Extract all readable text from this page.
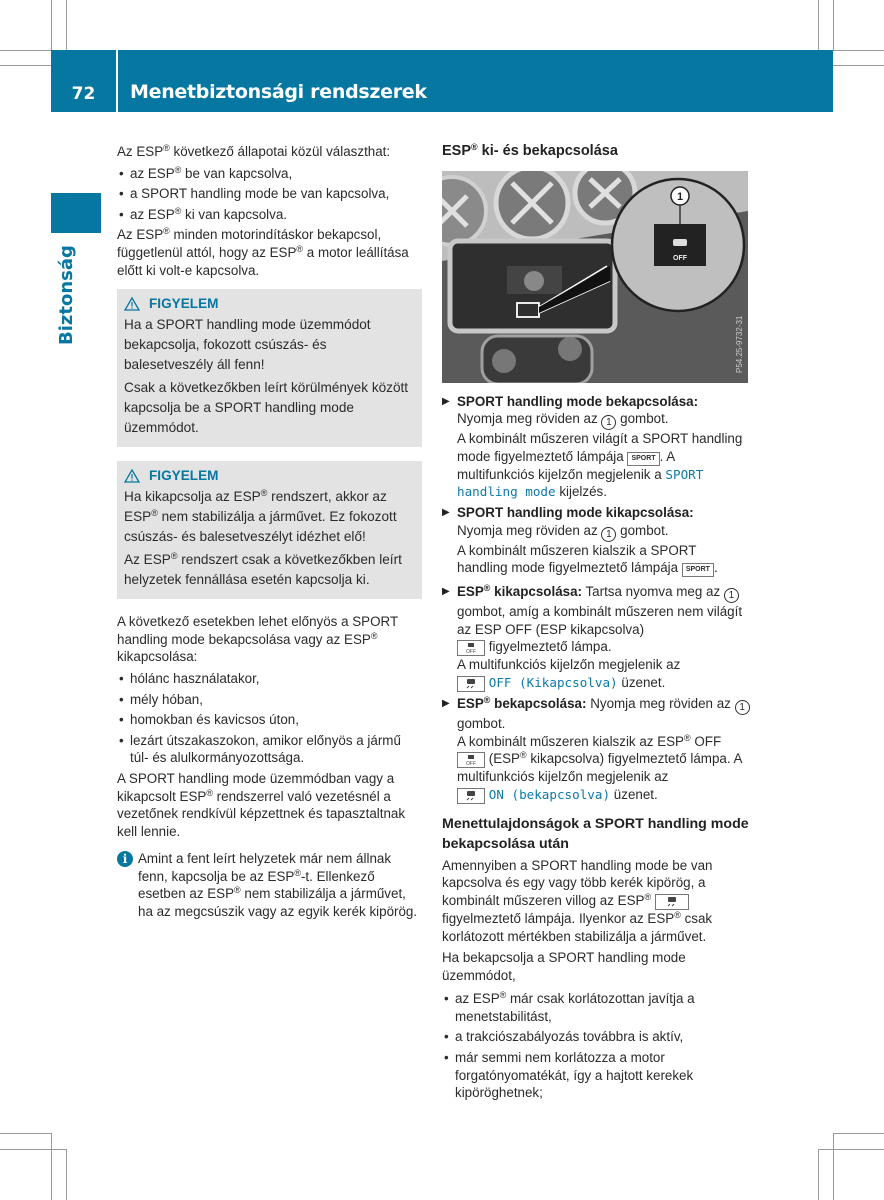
72	Menetbiztonsági rendszerek
Biztonság

Az ESP® következő állapotai közül választhat:

• az ESP® be van kapcsolva,
• a SPORT handling mode be van kapcsolva,
• az ESP® ki van kapcsolva.

Az ESP® minden motorindításkor bekapcsol, függetlenül attól, hogy az ESP® a motor leállítása előtt ki volt-e kapcsolva.

FIGYELEM

Ha a SPORT handling mode üzemmódot bekapcsolja, fokozott csúszás- és balesetveszély áll fenn!

Csak a következőkben leírt körülmények között kapcsolja be a SPORT handling mode üzemmódot.

FIGYELEM

Ha kikapcsolja az ESP® rendszert, akkor az ESP® nem stabilizálja a járművet. Ez fokozott csúszás- és balesetveszélyt idézhet elő!

Az ESP® rendszert csak a következőkben leírt helyzetek fennállása esetén kapcsolja ki.

A következő esetekben lehet előnyös a SPORT handling mode bekapcsolása vagy az ESP® kikapcsolása:

• hólánc használatakor,
• mély hóban,
• homokban és kavicsos úton,
• lezárt útszakaszokon, amikor előnyös a jármű túl- és alulkormányozottsága.

A SPORT handling mode üzemmódban vagy a kikapcsolt ESP® rendszerrel való vezetésnél a vezetőnek rendkívül képzettnek és tapasztaltnak kell lennie.

i Amint a fent leírt helyzetek már nem állnak fenn, kapcsolja be az ESP®-t. Ellenkező esetben az ESP® nem stabilizálja a járművet, ha az megcsúszik vagy az egyik kerék kipörög.
ESP® ki- és bekapcsolása
1
OFF
P54.25-9732-31
▶ SPORT handling mode bekapcsolása:
Nyomja meg röviden az 1 gombot.
A kombinált műszeren világít a SPORT handling mode figyelmeztető lámpája SPORT . A multifunkciós kijelzőn megjelenik a SPORT handling mode kijelzés.
▶ SPORT handling mode kikapcsolása:
Nyomja meg röviden az 1 gombot.
A kombinált műszeren kialszik a SPORT handling mode figyelmeztető lámpája SPORT .
▶ ESP® kikapcsolása: Tartsa nyomva meg az 1 gombot, amíg a kombinált műszeren nem világít az ESP OFF (ESP kikapcsolva)

OFF figyelmeztető lámpa.
A multifunkciós kijelzőn megjelenik az
OFF (Kikapcsolva) üzenet.
▶ ESP® bekapcsolása: Nyomja meg röviden az 1 gombot.
A kombinált műszeren kialszik az ESP® OFF

OFF (ESP® kikapcsolva) figyelmeztető lámpa. A multifunkciós kijelzőn megjelenik az
ON (bekapcsolva) üzenet.
Menettulajdonságok a SPORT handling mode bekapcsolása után

Amennyiben a SPORT handling mode be van kapcsolva és egy vagy több kerék kipörög, a kombinált műszeren villog az ESP®  figyelmeztető lámpája. Ilyenkor az ESP® csak korlátozott mértékben stabilizálja a járművet.

Ha bekapcsolja a SPORT handling mode üzemmódot,

• az ESP® már csak korlátozottan javítja a menetstabilitást,
• a trakciószabályozás továbbra is aktív,
• már semmi nem korlátozza a motor forgatónyomatékát, így a hajtott kerekek kipöröghetnek;
